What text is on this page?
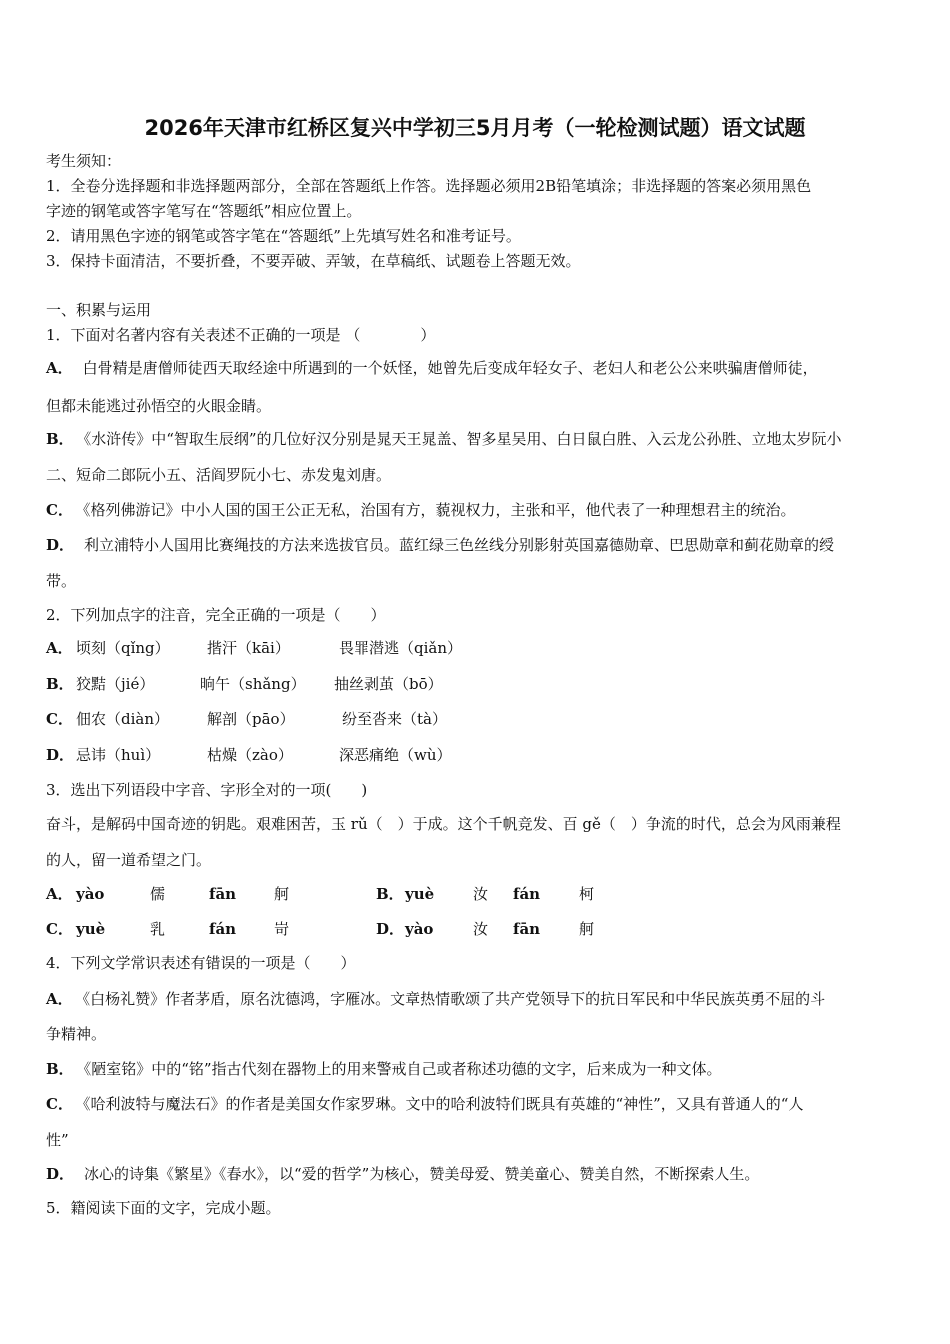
2026年天津市红桥区复兴中学初三5月月考（一轮检测试题）语文试题
考生须知：
1．全卷分选择题和非选择题两部分，全部在答题纸上作答。选择题必须用2B铅笔填涂；非选择题的答案必须用黑色
字迹的钢笔或答字笔写在“答题纸”相应位置上。
2．请用黑色字迹的钢笔或答字笔在“答题纸”上先填写姓名和准考证号。
3．保持卡面清洁，不要折叠，不要弄破、弄皱，在草稿纸、试题卷上答题无效。
一、积累与运用
1．下面对名著内容有关表述不正确的一项是 （　　　　）
A． 白骨精是唐僧师徒西天取经途中所遇到的一个妖怪，她曾先后变成年轻女子、老妇人和老公公来哄骗唐僧师徒，
但都未能逃过孙悟空的火眼金睛。
B． 《水浒传》中“智取生辰纲”的几位好汉分别是晁天王晁盖、智多星吴用、白日鼠白胜、入云龙公孙胜、立地太岁阮小
二、短命二郎阮小五、活阎罗阮小七、赤发鬼刘唐。
C． 《格列佛游记》中小人国的国王公正无私，治国有方，藐视权力，主张和平，他代表了一种理想君主的统治。
D． 利立浦特小人国用比赛绳技的方法来选拔官员。蓝红绿三色丝线分别影射英国嘉德勋章、巴思勋章和蓟花勋章的绶
带。
2．下列加点字的注音，完全正确的一项是（　　）
A． 顷刻（qǐng） 揩汗（kāi）	畏罪潜逃（qiǎn）
B． 狡黠（jié）	晌午（shǎng） 抽丝剥茧（bō）
C． 佃农（diàn）	解剖（pāo）	纷至沓来（tà）
D． 忌讳（huì）	枯燥（zào）	深恶痛绝（wù）
3．选出下列语段中字音、字形全对的一项(　　)
奋斗，是解码中国奇迹的钥匙。艰难困苦，玉 rǔ（　）于成。这个千帆竞发、百 gě（　）争流的时代，总会为风雨兼程
的人，留一道希望之门。
A． yào	儒	fān	舸	B． yuè	汝 fán	柯
C． yuè	乳	fán	岢	D． yào	汝 fān	舸
4．下列文学常识表述有错误的一项是（　　）
A． 《白杨礼赞》作者茅盾，原名沈德鸿，字雁冰。文章热情歌颂了共产党领导下的抗日军民和中华民族英勇不屈的斗
争精神。
B． 《陋室铭》中的“铭”指古代刻在器物上的用来警戒自己或者称述功德的文字，后来成为一种文体。
C． 《哈利波特与魔法石》的作者是美国女作家罗琳。文中的哈利波特们既具有英雄的“神性”，又具有普通人的“人
性”
D． 冰心的诗集《繁星》《春水》，以“爱的哲学”为核心，赞美母爱、赞美童心、赞美自然，不断探索人生。
5．籍阅读下面的文字，完成小题。
